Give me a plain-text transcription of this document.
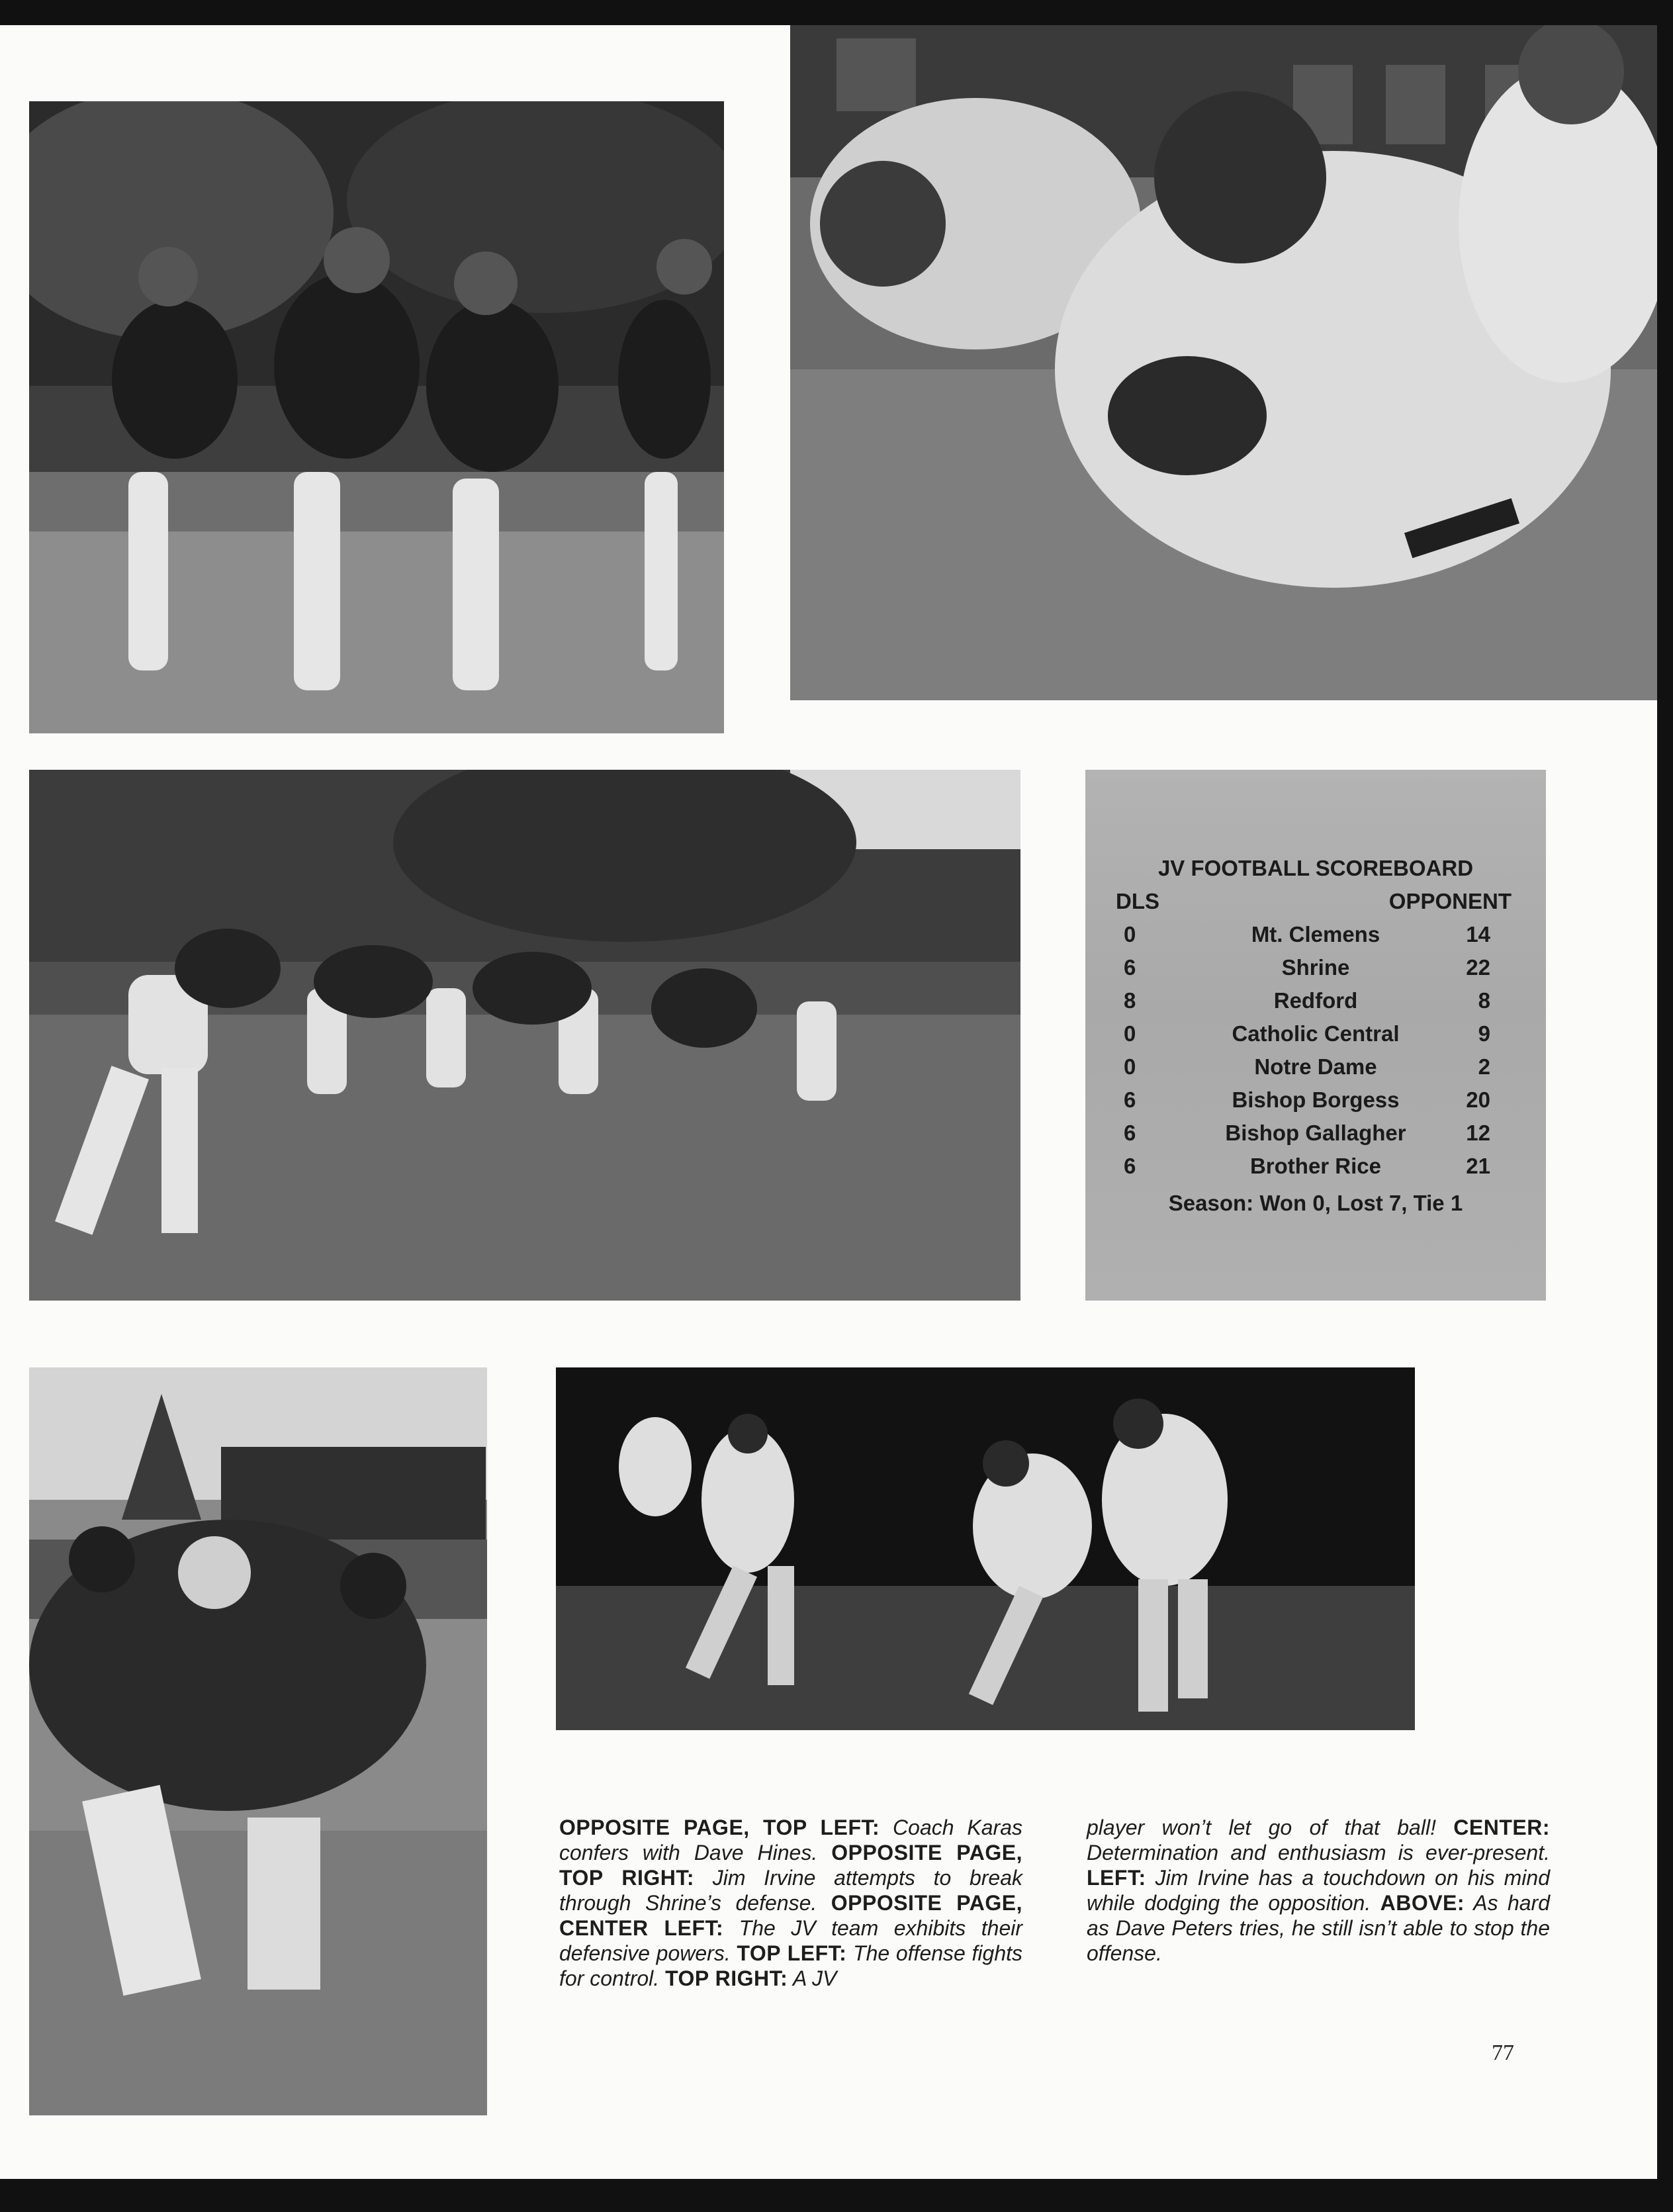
JV FOOTBALL SCOREBOARD
DLS	OPPONENT
0	Mt. Clemens	14
6	Shrine	22
8	Redford	8
0	Catholic Central	9
0	Notre Dame	2
6	Bishop Borgess	20
6	Bishop Gallagher	12
6	Brother Rice	21
Season: Won 0, Lost 7, Tie 1
OPPOSITE PAGE, TOP LEFT: Coach Karas confers with Dave Hines. OPPOSITE PAGE, TOP RIGHT: Jim Irvine attempts to break through Shrine’s defense. OPPOSITE PAGE, CENTER LEFT: The JV team exhibits their defensive powers. TOP LEFT: The offense fights for control. TOP RIGHT: A JV
player won’t let go of that ball! CENTER: Determination and enthusiasm is ever-present. LEFT: Jim Irvine has a touchdown on his mind while dodging the opposition. ABOVE: As hard as Dave Peters tries, he still isn’t able to stop the offense.
77
